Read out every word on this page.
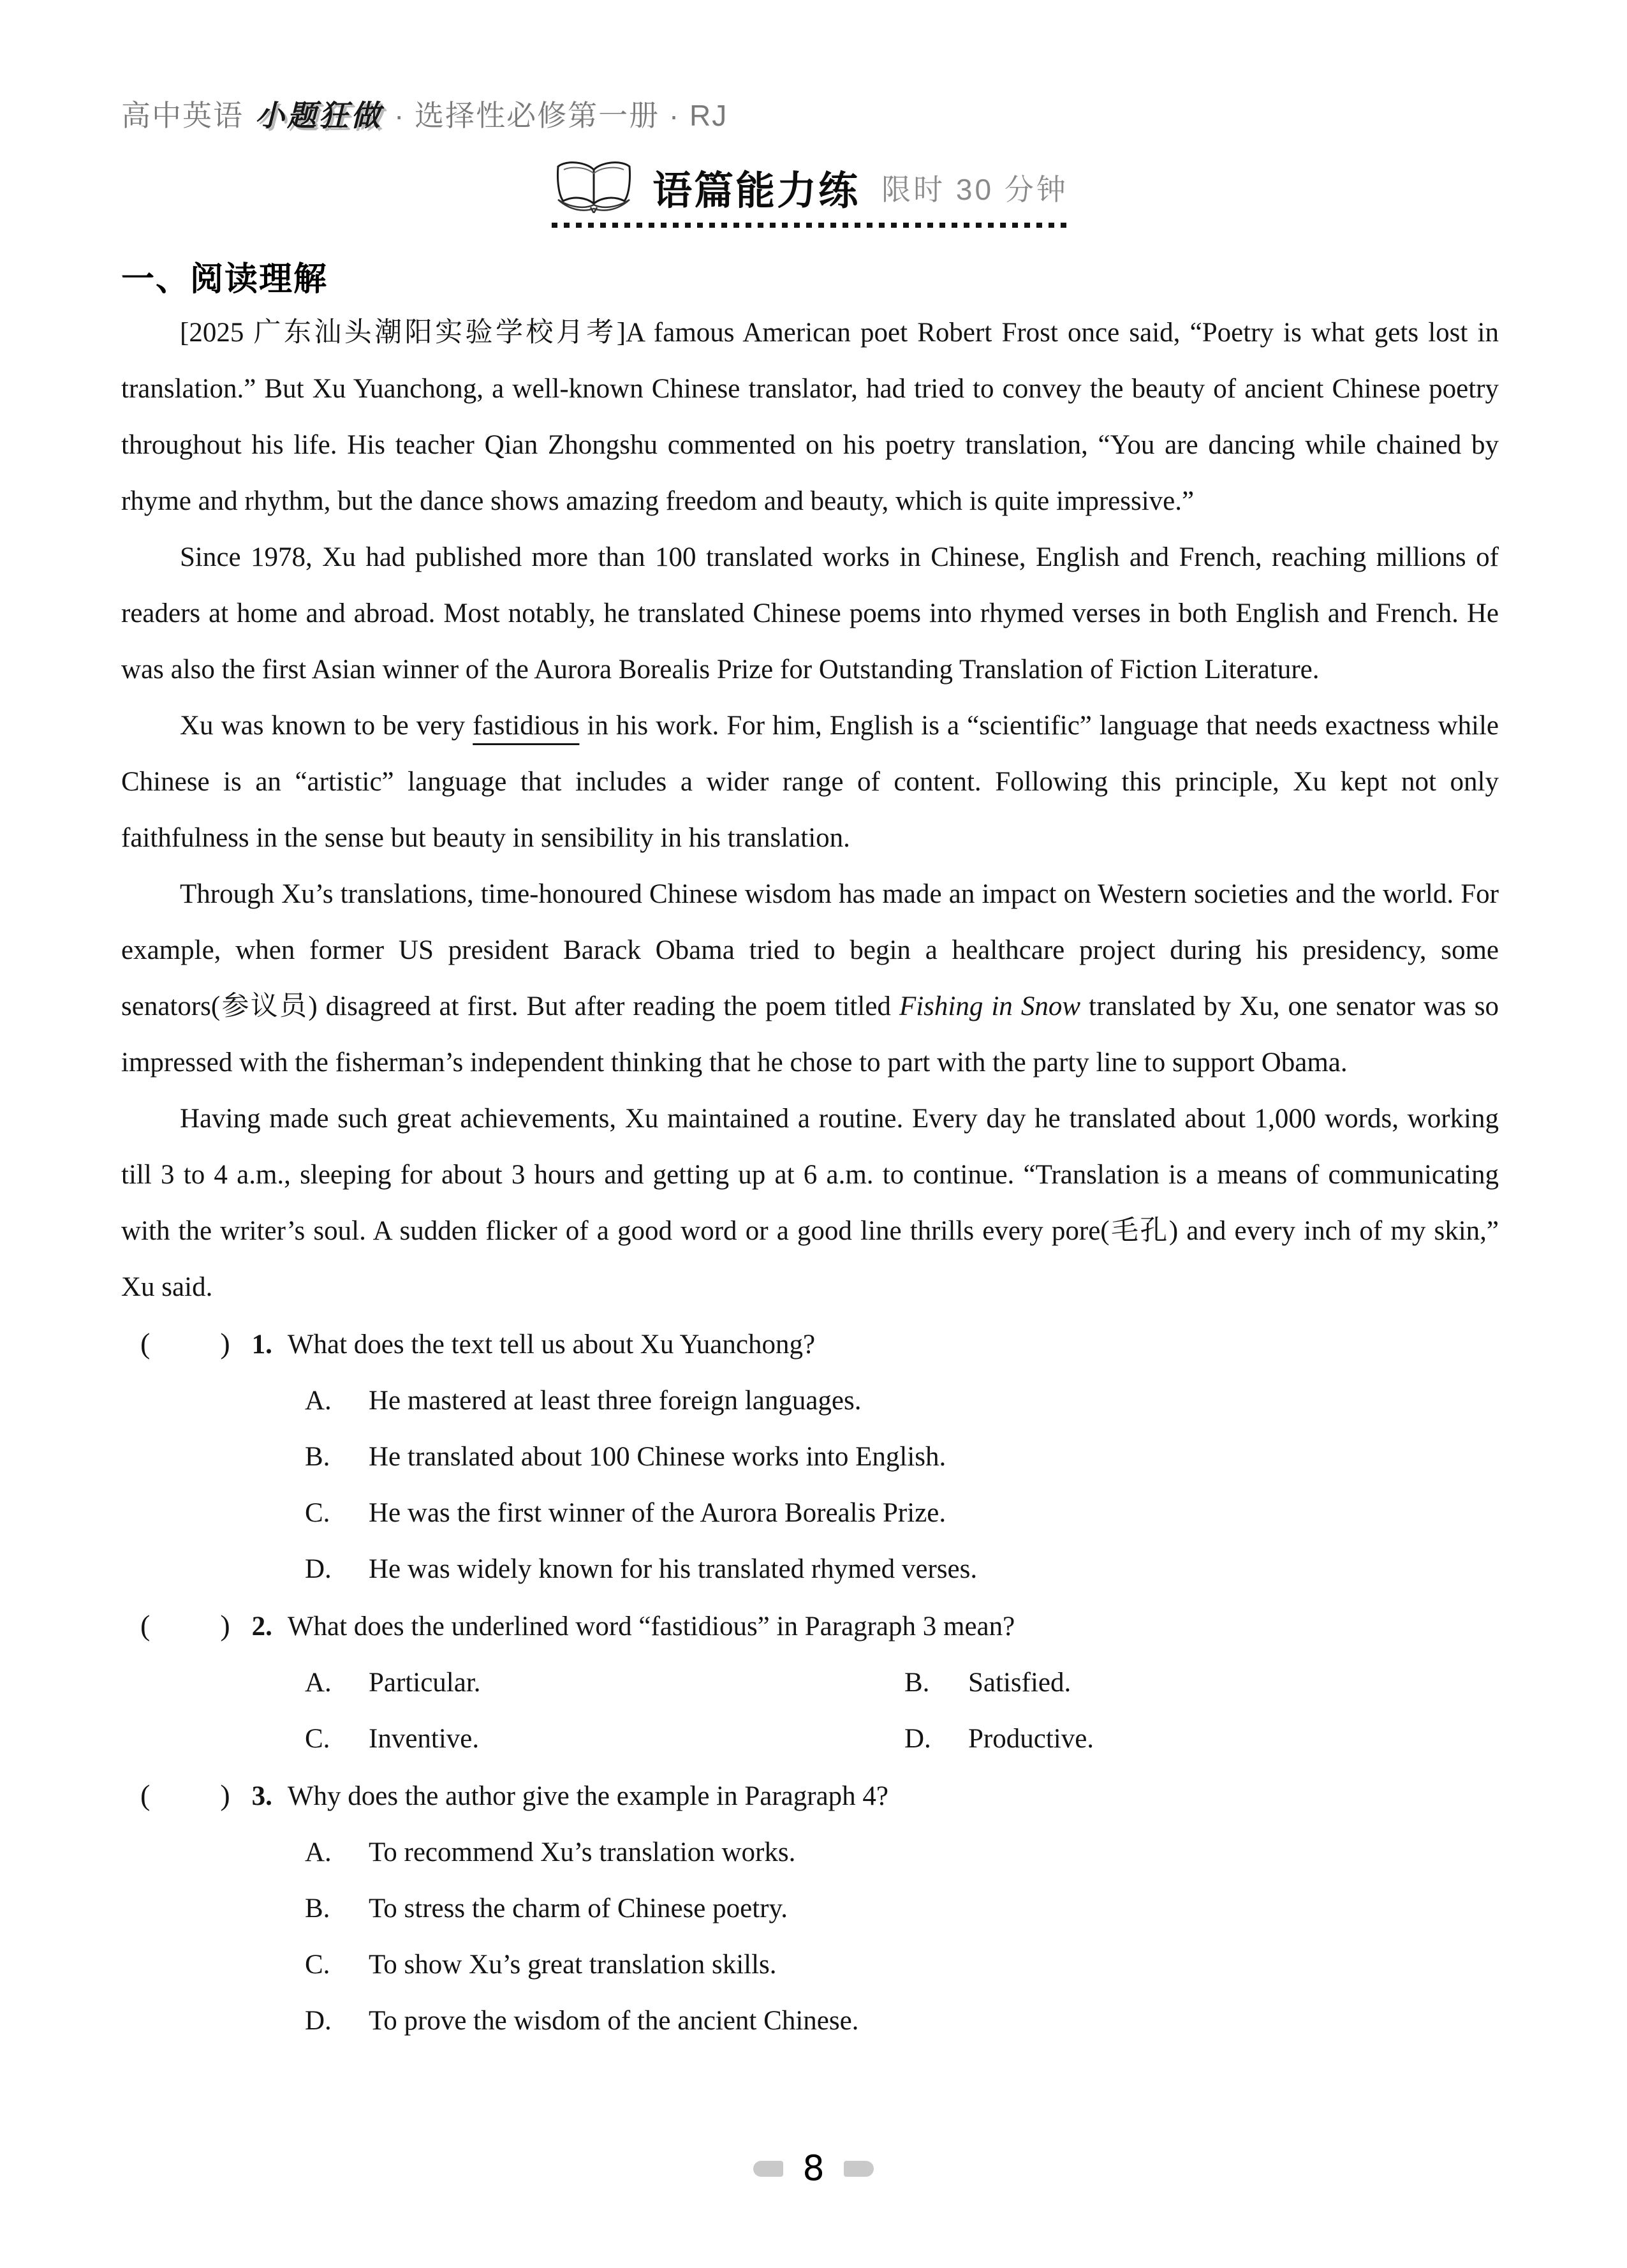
高中英语 小题狂做 · 选择性必修第一册 · RJ
语篇能力练 限时 30 分钟
一、阅读理解

[2025 广东汕头潮阳实验学校月考]A famous American poet Robert Frost once said, “Poetry is what gets lost in translation.” But Xu Yuanchong, a well-known Chinese translator, had tried to convey the beauty of ancient Chinese poetry throughout his life. His teacher Qian Zhongshu commented on his poetry translation, “You are dancing while chained by rhyme and rhythm, but the dance shows amazing freedom and beauty, which is quite impressive.”

Since 1978, Xu had published more than 100 translated works in Chinese, English and French, reaching millions of readers at home and abroad. Most notably, he translated Chinese poems into rhymed verses in both English and French. He was also the first Asian winner of the Aurora Borealis Prize for Outstanding Translation of Fiction Literature.

Xu was known to be very fastidious in his work. For him, English is a “scientific” language that needs exactness while Chinese is an “artistic” language that includes a wider range of content. Following this principle, Xu kept not only faithfulness in the sense but beauty in sensibility in his translation.

Through Xu’s translations, time-honoured Chinese wisdom has made an impact on Western societies and the world. For example, when former US president Barack Obama tried to begin a healthcare project during his presidency, some senators(参议员) disagreed at first. But after reading the poem titled Fishing in Snow translated by Xu, one senator was so impressed with the fisherman’s independent thinking that he chose to part with the party line to support Obama.

Having made such great achievements, Xu maintained a routine. Every day he translated about 1,000 words, working till 3 to 4 a.m., sleeping for about 3 hours and getting up at 6 a.m. to continue. “Translation is a means of communicating with the writer’s soul. A sudden flicker of a good word or a good line thrills every pore(毛孔) and every inch of my skin,” Xu said.

( ) 1. What does the text tell us about Xu Yuanchong?
A.	He mastered at least three foreign languages.
B.	He translated about 100 Chinese works into English.
C.	He was the first winner of the Aurora Borealis Prize.
D.	He was widely known for his translated rhymed verses.
( ) 2. What does the underlined word “fastidious” in Paragraph 3 mean?
A.	Particular.	B.	Satisfied.
C.	Inventive.	D.	Productive.
( ) 3. Why does the author give the example in Paragraph 4?
A.	To recommend Xu’s translation works.
B.	To stress the charm of Chinese poetry.
C.	To show Xu’s great translation skills.
D.	To prove the wisdom of the ancient Chinese.
8
